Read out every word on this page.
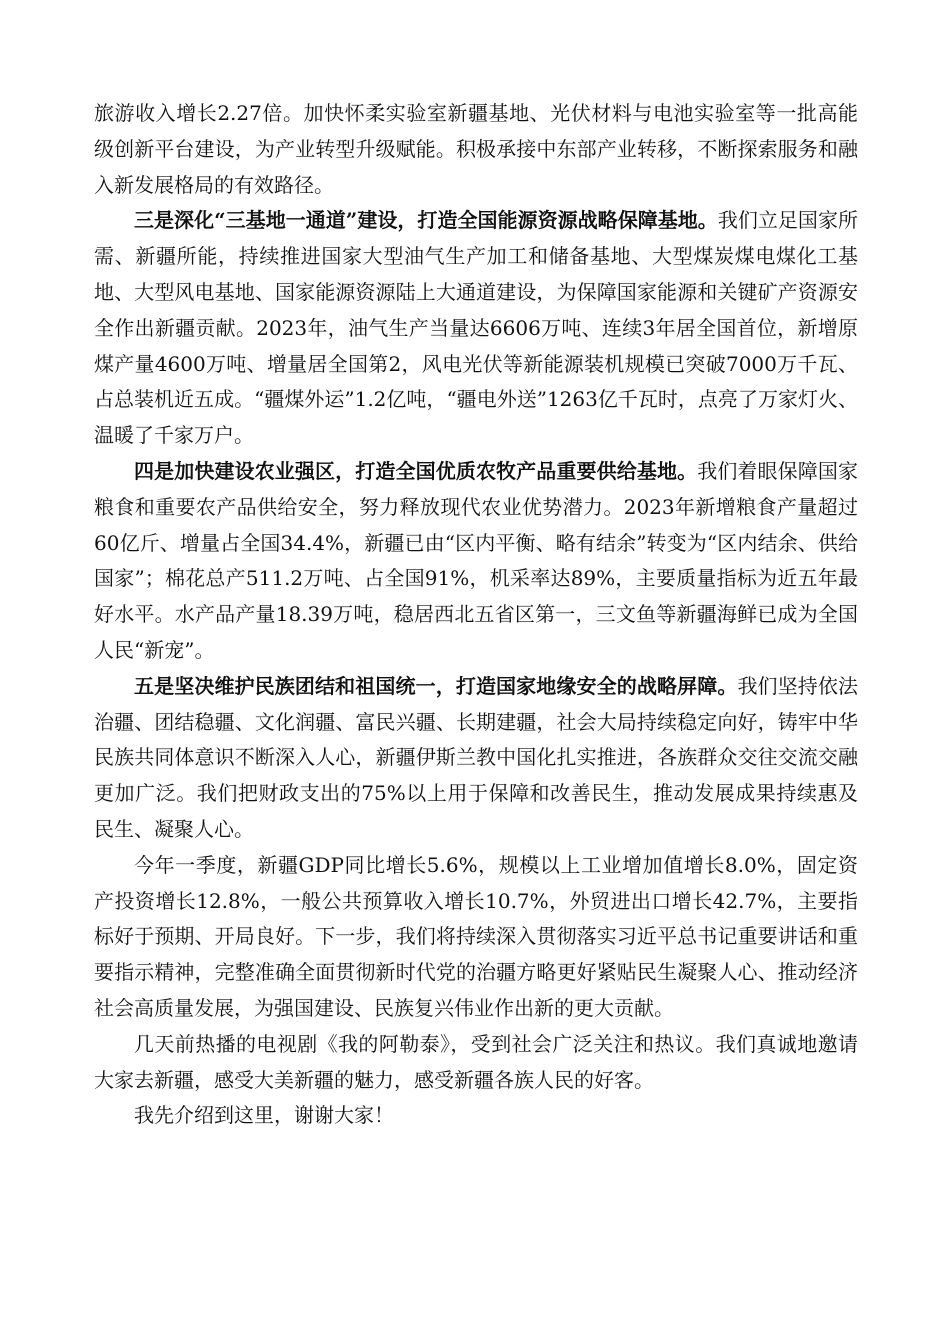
旅游收入增长2.27倍。加快怀柔实验室新疆基地、光伏材料与电池实验室等一批高能级创新平台建设，为产业转型升级赋能。积极承接中东部产业转移，不断探索服务和融入新发展格局的有效路径。

三是深化“三基地一通道”建设，打造全国能源资源战略保障基地。我们立足国家所需、新疆所能，持续推进国家大型油气生产加工和储备基地、大型煤炭煤电煤化工基地、大型风电基地、国家能源资源陆上大通道建设，为保障国家能源和关键矿产资源安全作出新疆贡献。2023年，油气生产当量达6606万吨、连续3年居全国首位，新增原煤产量4600万吨、增量居全国第2，风电光伏等新能源装机规模已突破7000万千瓦、占总装机近五成。“疆煤外运”1.2亿吨，“疆电外送”1263亿千瓦时，点亮了万家灯火、温暖了千家万户。

四是加快建设农业强区，打造全国优质农牧产品重要供给基地。我们着眼保障国家粮食和重要农产品供给安全，努力释放现代农业优势潜力。2023年新增粮食产量超过60亿斤、增量占全国34.4%，新疆已由“区内平衡、略有结余”转变为“区内结余、供给国家”；棉花总产511.2万吨、占全国91%，机采率达89%，主要质量指标为近五年最好水平。水产品产量18.39万吨，稳居西北五省区第一，三文鱼等新疆海鲜已成为全国人民“新宠”。

五是坚决维护民族团结和祖国统一，打造国家地缘安全的战略屏障。我们坚持依法治疆、团结稳疆、文化润疆、富民兴疆、长期建疆，社会大局持续稳定向好，铸牢中华民族共同体意识不断深入人心，新疆伊斯兰教中国化扎实推进，各族群众交往交流交融更加广泛。我们把财政支出的75%以上用于保障和改善民生，推动发展成果持续惠及民生、凝聚人心。

今年一季度，新疆GDP同比增长5.6%，规模以上工业增加值增长8.0%，固定资产投资增长12.8%，一般公共预算收入增长10.7%，外贸进出口增长42.7%，主要指标好于预期、开局良好。下一步，我们将持续深入贯彻落实习近平总书记重要讲话和重要指示精神，完整准确全面贯彻新时代党的治疆方略更好紧贴民生凝聚人心、推动经济社会高质量发展，为强国建设、民族复兴伟业作出新的更大贡献。

几天前热播的电视剧《我的阿勒泰》，受到社会广泛关注和热议。我们真诚地邀请大家去新疆，感受大美新疆的魅力，感受新疆各族人民的好客。

我先介绍到这里，谢谢大家！
